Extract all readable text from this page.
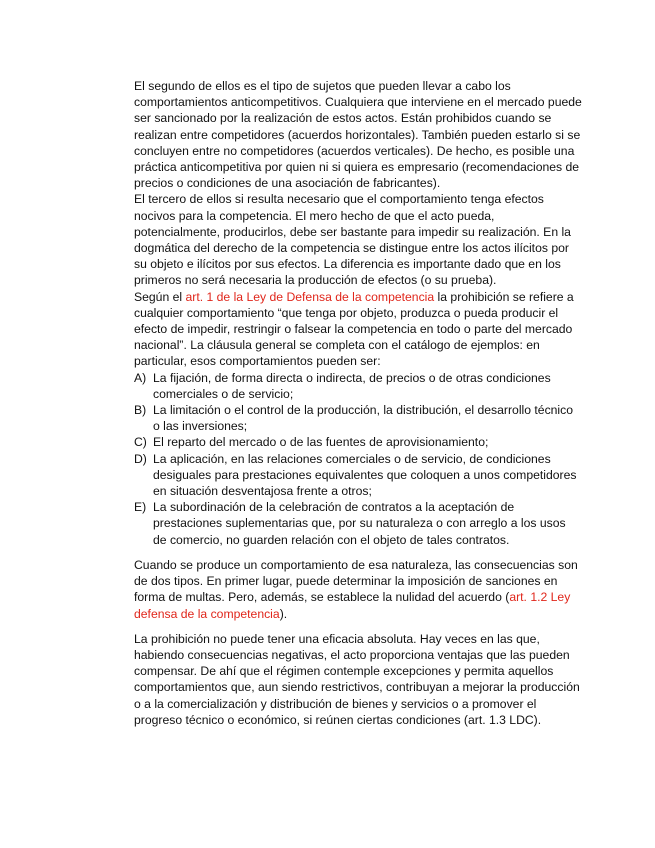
El segundo de ellos es el tipo de sujetos que pueden llevar a cabo los comportamientos anticompetitivos. Cualquiera que interviene en el mercado puede ser sancionado por la realización de estos actos. Están prohibidos cuando se realizan entre competidores (acuerdos horizontales). También pueden estarlo si se concluyen entre no competidores (acuerdos verticales). De hecho, es posible una práctica anticompetitiva por quien ni si quiera es empresario (recomendaciones de precios o condiciones de una asociación de fabricantes).

El tercero de ellos si resulta necesario que el comportamiento tenga efectos nocivos para la competencia. El mero hecho de que el acto pueda, potencialmente, producirlos, debe ser bastante para impedir su realización. En la dogmática del derecho de la competencia se distingue entre los actos ilícitos por su objeto e ilícitos por sus efectos. La diferencia es importante dado que en los primeros no será necesaria la producción de efectos (o su prueba).

Según el art. 1 de la Ley de Defensa de la competencia la prohibición se refiere a cualquier comportamiento “que tenga por objeto, produzca o pueda producir el efecto de impedir, restringir o falsear la competencia en todo o parte del mercado nacional”. La cláusula general se completa con el catálogo de ejemplos: en particular, esos comportamientos pueden ser:

A) La fijación, de forma directa o indirecta, de precios o de otras condiciones comerciales o de servicio;
B) La limitación o el control de la producción, la distribución, el desarrollo técnico o las inversiones;
C) El reparto del mercado o de las fuentes de aprovisionamiento;
D) La aplicación, en las relaciones comerciales o de servicio, de condiciones desiguales para prestaciones equivalentes que coloquen a unos competidores en situación desventajosa frente a otros;
E) La subordinación de la celebración de contratos a la aceptación de prestaciones suplementarias que, por su naturaleza o con arreglo a los usos de comercio, no guarden relación con el objeto de tales contratos.

Cuando se produce un comportamiento de esa naturaleza, las consecuencias son de dos tipos. En primer lugar, puede determinar la imposición de sanciones en forma de multas. Pero, además, se establece la nulidad del acuerdo (art. 1.2 Ley defensa de la competencia).

La prohibición no puede tener una eficacia absoluta. Hay veces en las que, habiendo consecuencias negativas, el acto proporciona ventajas que las pueden compensar. De ahí que el régimen contemple excepciones y permita aquellos comportamientos que, aun siendo restrictivos, contribuyan a mejorar la producción o a la comercialización y distribución de bienes y servicios o a promover el progreso técnico o económico, si reúnen ciertas condiciones (art. 1.3 LDC).
